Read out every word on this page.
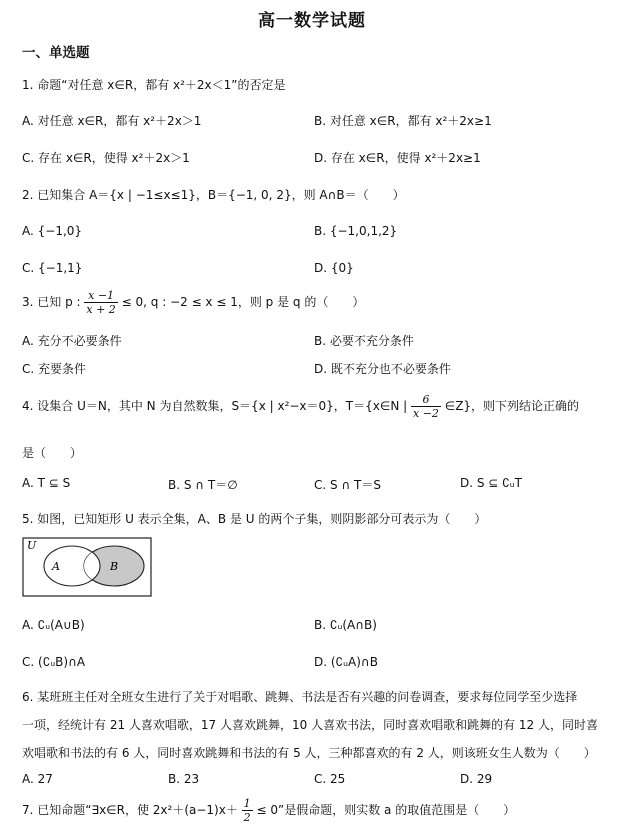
高一数学试题
一、单选题
1. 命题“对任意 x∈R，都有 x²＋2x＜1”的否定是
A. 对任意 x∈R，都有 x²＋2x＞1	B. 对任意 x∈R，都有 x²＋2x≥1
C. 存在 x∈R，使得 x²＋2x＞1	D. 存在 x∈R，使得 x²＋2x≥1
2. 已知集合 A＝{x | −1≤x≤1}，B＝{−1, 0, 2}，则 A∩B＝（　　）
A. {−1,0}	B. {−1,0,1,2}
C. {−1,1}	D. {0}
3. 已知 p : $\frac{x -1}{x + 2} \le 0$, q : −2 ≤ x ≤ 1，则 p 是 q 的（　　）
A. 充分不必要条件	B. 必要不充分条件
C. 充要条件	D. 既不充分也不必要条件
4. 设集合 U＝N，其中 N 为自然数集，S＝{x | x²−x＝0}，T＝{x∈N | $\frac{6}{x -2}$ ∈Z}，则下列结论正确的
是（　　）
A. T ⊆ S	B. S ∩ T＝∅	C. S ∩ T＝S	D. S ⊆ ∁ᵤT
5. 如图，已知矩形 U 表示全集，A、B 是 U 的两个子集，则阴影部分可表示为（　　）
U
A	B
A. ∁ᵤ(A∪B)	B. ∁ᵤ(A∩B)
C. (∁ᵤB)∩A	D. (∁ᵤA)∩B
6. 某班班主任对全班女生进行了关于对唱歌、跳舞、书法是否有兴趣的问卷调查，要求每位同学至少选择
一项，经统计有 21 人喜欢唱歌，17 人喜欢跳舞，10 人喜欢书法，同时喜欢唱歌和跳舞的有 12 人，同时喜
欢唱歌和书法的有 6 人，同时喜欢跳舞和书法的有 5 人，三种都喜欢的有 2 人，则该班女生人数为（　　）
A. 27	B. 23	C. 25	D. 29
7. 已知命题“∃x∈R，使 $2x^2+(a-1)x+ \frac{1}{2} \le 0$”是假命题，则实数 a 的取值范围是（　　）
